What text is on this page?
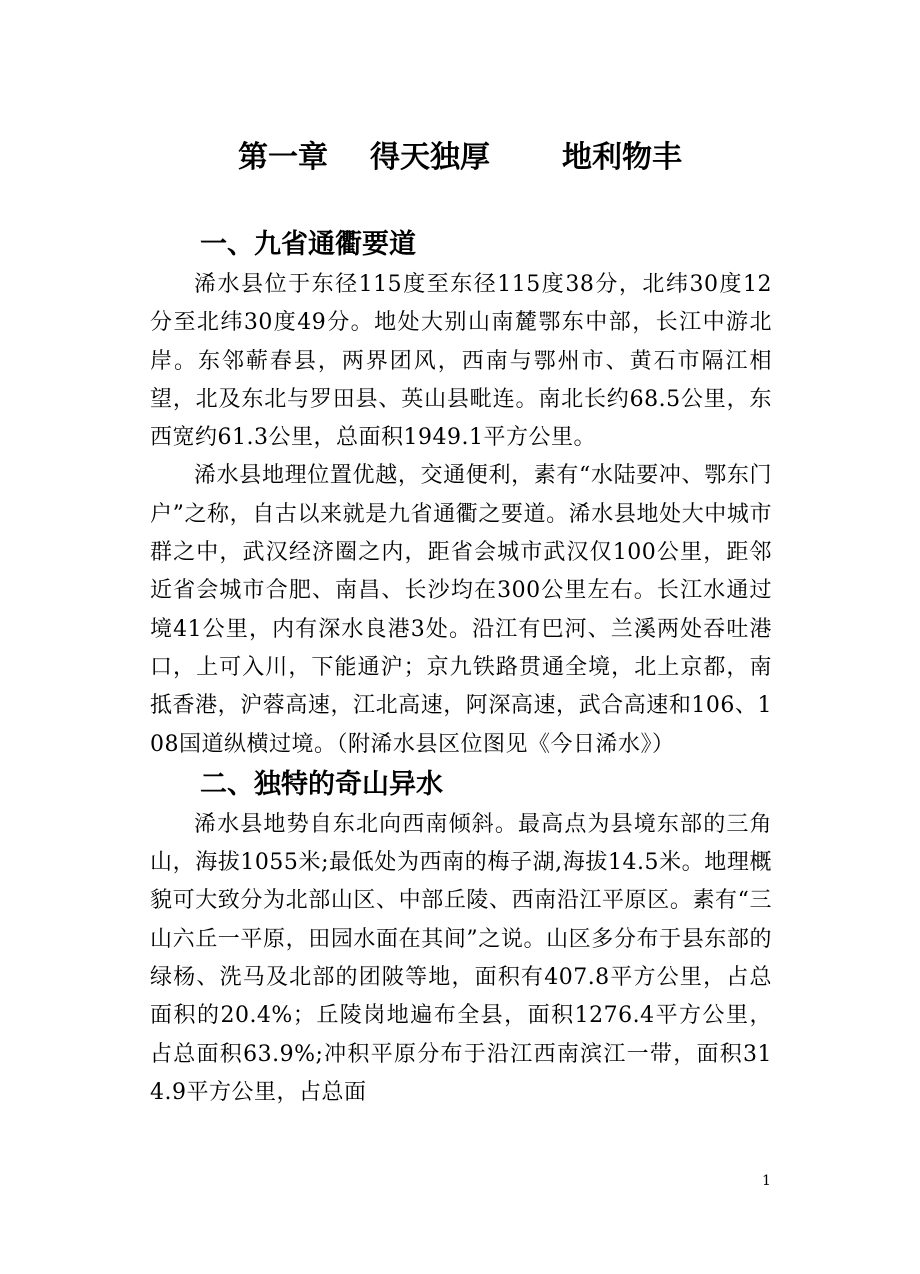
第一章 得天独厚 地利物丰
一、九省通衢要道

浠水县位于东径115度至东径115度38分，北纬30度12分至北纬30度49分。地处大别山南麓鄂东中部，长江中游北岸。东邻蕲春县，两界团风，西南与鄂州市、黄石市隔江相望，北及东北与罗田县、英山县毗连。南北长约68.5公里，东西宽约61.3公里，总面积1949.1平方公里。

浠水县地理位置优越，交通便利，素有“水陆要冲、鄂东门户”之称，自古以来就是九省通衢之要道。浠水县地处大中城市群之中，武汉经济圈之内，距省会城市武汉仅100公里，距邻近省会城市合肥、南昌、长沙均在300公里左右。长江水通过境41公里，内有深水良港3处。沿江有巴河、兰溪两处吞吐港口，上可入川，下能通沪；京九铁路贯通全境，北上京都，南抵香港，沪蓉高速，江北高速，阿深高速，武合高速和106、108国道纵横过境。（附浠水县区位图见《今日浠水》）

二、独特的奇山异水

浠水县地势自东北向西南倾斜。最高点为县境东部的三角山，海拔1055米;最低处为西南的梅子湖,海拔14.5米。地理概貌可大致分为北部山区、中部丘陵、西南沿江平原区。素有“三山六丘一平原，田园水面在其间”之说。山区多分布于县东部的绿杨、洗马及北部的团陂等地，面积有407.8平方公里，占总面积的20.4%；丘陵岗地遍布全县，面积1276.4平方公里，占总面积63.9%;冲积平原分布于沿江西南滨江一带，面积314.9平方公里，占总面

1
